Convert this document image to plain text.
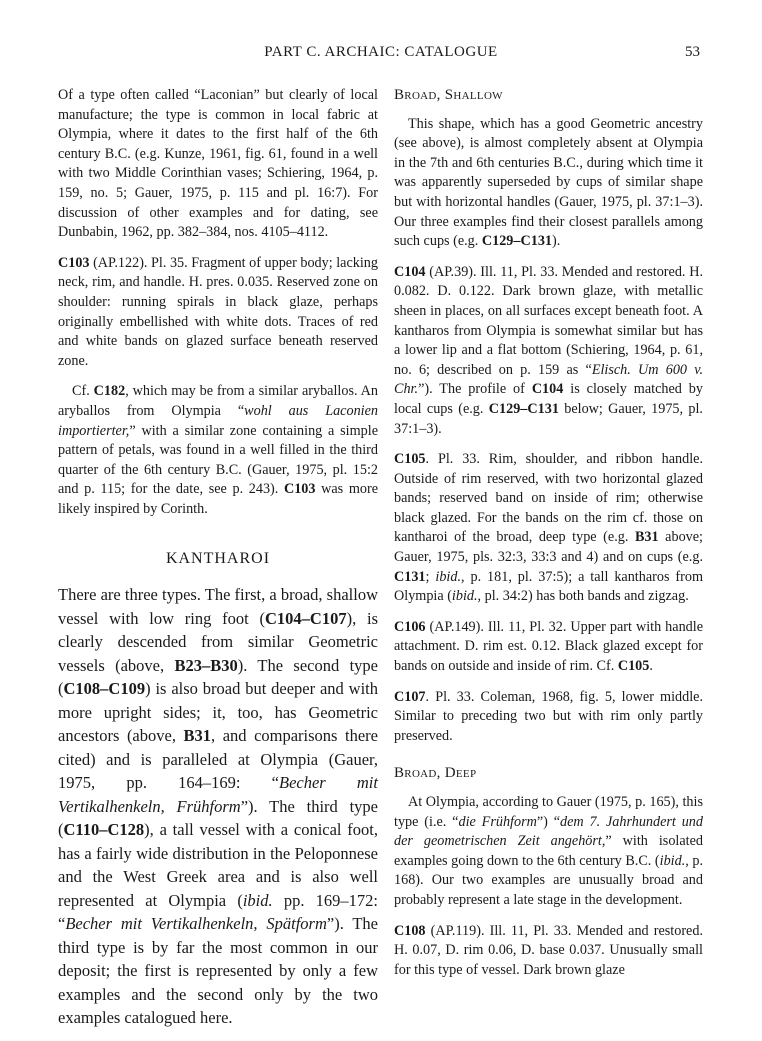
PART C. ARCHAIC: CATALOGUE	53

Of a type often called “Laconian” but clearly of local manufacture; the type is common in local fabric at Olympia, where it dates to the first half of the 6th century B.C. (e.g. Kunze, 1961, fig. 61, found in a well with two Middle Corinthian vases; Schiering, 1964, p. 159, no. 5; Gauer, 1975, p. 115 and pl. 16:7). For discussion of other examples and for dating, see Dunbabin, 1962, pp. 382–384, nos. 4105–4112.

C103 (AP.122). Pl. 35. Fragment of upper body; lacking neck, rim, and handle. H. pres. 0.035. Reserved zone on shoulder: running spirals in black glaze, perhaps originally embellished with white dots. Traces of red and white bands on glazed surface beneath reserved zone.

Cf. C182, which may be from a similar aryballos. An aryballos from Olympia “wohl aus Laconien importierter,” with a similar zone containing a simple pattern of petals, was found in a well filled in the third quarter of the 6th century B.C. (Gauer, 1975, pl. 15:2 and p. 115; for the date, see p. 243). C103 was more likely inspired by Corinth.

KANTHAROI

There are three types. The first, a broad, shallow vessel with low ring foot (C104–C107), is clearly descended from similar Geometric vessels (above, B23–B30). The second type (C108–C109) is also broad but deeper and with more upright sides; it, too, has Geometric ancestors (above, B31, and comparisons there cited) and is paralleled at Olympia (Gauer, 1975, pp. 164–169: “Becher mit Vertikalhenkeln, Frühform”). The third type (C110–C128), a tall vessel with a conical foot, has a fairly wide distribution in the Peloponnese and the West Greek area and is also well represented at Olympia (ibid. pp. 169–172: “Becher mit Vertikalhenkeln, Spätform”). The third type is by far the most common in our deposit; the first is represented by only a few examples and the second only by the two examples catalogued here.

Broad, Shallow

This shape, which has a good Geometric ancestry (see above), is almost completely absent at Olympia in the 7th and 6th centuries B.C., during which time it was apparently superseded by cups of similar shape but with horizontal handles (Gauer, 1975, pl. 37:1–3). Our three examples find their closest parallels among such cups (e.g. C129–C131).

C104 (AP.39). Ill. 11, Pl. 33. Mended and restored. H. 0.082. D. 0.122. Dark brown glaze, with metallic sheen in places, on all surfaces except beneath foot. A kantharos from Olympia is somewhat similar but has a lower lip and a flat bottom (Schiering, 1964, p. 61, no. 6; described on p. 159 as “Elisch. Um 600 v. Chr.”). The profile of C104 is closely matched by local cups (e.g. C129–C131 below; Gauer, 1975, pl. 37:1–3).

C105. Pl. 33. Rim, shoulder, and ribbon handle. Outside of rim reserved, with two horizontal glazed bands; reserved band on inside of rim; otherwise black glazed. For the bands on the rim cf. those on kantharoi of the broad, deep type (e.g. B31 above; Gauer, 1975, pls. 32:3, 33:3 and 4) and on cups (e.g. C131; ibid., p. 181, pl. 37:5); a tall kantharos from Olympia (ibid., pl. 34:2) has both bands and zigzag.

C106 (AP.149). Ill. 11, Pl. 32. Upper part with handle attachment. D. rim est. 0.12. Black glazed except for bands on outside and inside of rim. Cf. C105.

C107. Pl. 33. Coleman, 1968, fig. 5, lower middle. Similar to preceding two but with rim only partly preserved.

Broad, Deep

At Olympia, according to Gauer (1975, p. 165), this type (i.e. “die Frühform”) “dem 7. Jahrhundert und der geometrischen Zeit angehört,” with isolated examples going down to the 6th century B.C. (ibid., p. 168). Our two examples are unusually broad and probably represent a late stage in the development.

C108 (AP.119). Ill. 11, Pl. 33. Mended and restored. H. 0.07, D. rim 0.06, D. base 0.037. Unusually small for this type of vessel. Dark brown glaze
